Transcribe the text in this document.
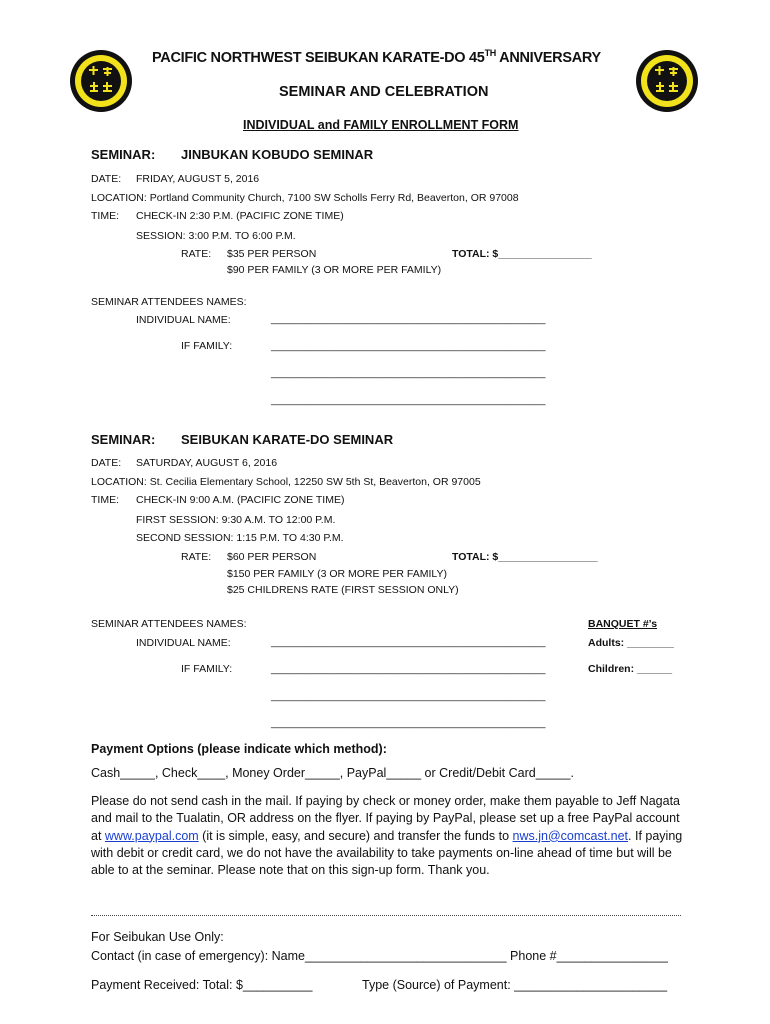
PACIFIC NORTHWEST SEIBUKAN KARATE-DO 45TH ANNIVERSARY
SEMINAR AND CELEBRATION
INDIVIDUAL and FAMILY ENROLLMENT FORM
SEMINAR: JINBUKAN KOBUDO SEMINAR
DATE: FRIDAY, AUGUST 5, 2016
LOCATION: Portland Community Church, 7100 SW Scholls Ferry Rd, Beaverton, OR 97008
TIME: CHECK-IN 2:30 P.M. (PACIFIC ZONE TIME)
SESSION: 3:00 P.M. TO 6:00 P.M.
RATE: $35 PER PERSON
$90 PER FAMILY (3 OR MORE PER FAMILY)
TOTAL: $________________
SEMINAR ATTENDEES NAMES:
INDIVIDUAL NAME:	_______________________________________________
IF FAMILY:	_______________________________________________
_______________________________________________
_______________________________________________
SEMINAR: SEIBUKAN KARATE-DO SEMINAR
DATE: SATURDAY, AUGUST 6, 2016
LOCATION: St. Cecilia Elementary School, 12250 SW 5th St, Beaverton, OR 97005
TIME: CHECK-IN 9:00 A.M. (PACIFIC ZONE TIME)
FIRST SESSION: 9:30 A.M. TO 12:00 P.M.
SECOND SESSION: 1:15 P.M. TO 4:30 P.M.
RATE: $60 PER PERSON
$150 PER FAMILY (3 OR MORE PER FAMILY)
$25 CHILDRENS RATE (FIRST SESSION ONLY)
TOTAL: $_________________
SEMINAR ATTENDEES NAMES:
INDIVIDUAL NAME:	_______________________________________________
IF FAMILY:	_______________________________________________
_______________________________________________
_______________________________________________
BANQUET #’s
Adults: ________
Children: ______
Payment Options (please indicate which method):
Cash_____, Check____, Money Order_____, PayPal_____ or Credit/Debit Card_____.
Please do not send cash in the mail. If paying by check or money order, make them payable to Jeff Nagata and mail to the Tualatin, OR address on the flyer. If paying by PayPal, please set up a free PayPal account at www.paypal.com (it is simple, easy, and secure) and transfer the funds to nws.jn@comcast.net. If paying with debit or credit card, we do not have the availability to take payments on-line ahead of time but will be able to at the seminar. Please note that on this sign-up form. Thank you.
For Seibukan Use Only:
Contact (in case of emergency): Name_____________________________ Phone #________________
Payment Received: Total: $__________	Type (Source) of Payment: ______________________
